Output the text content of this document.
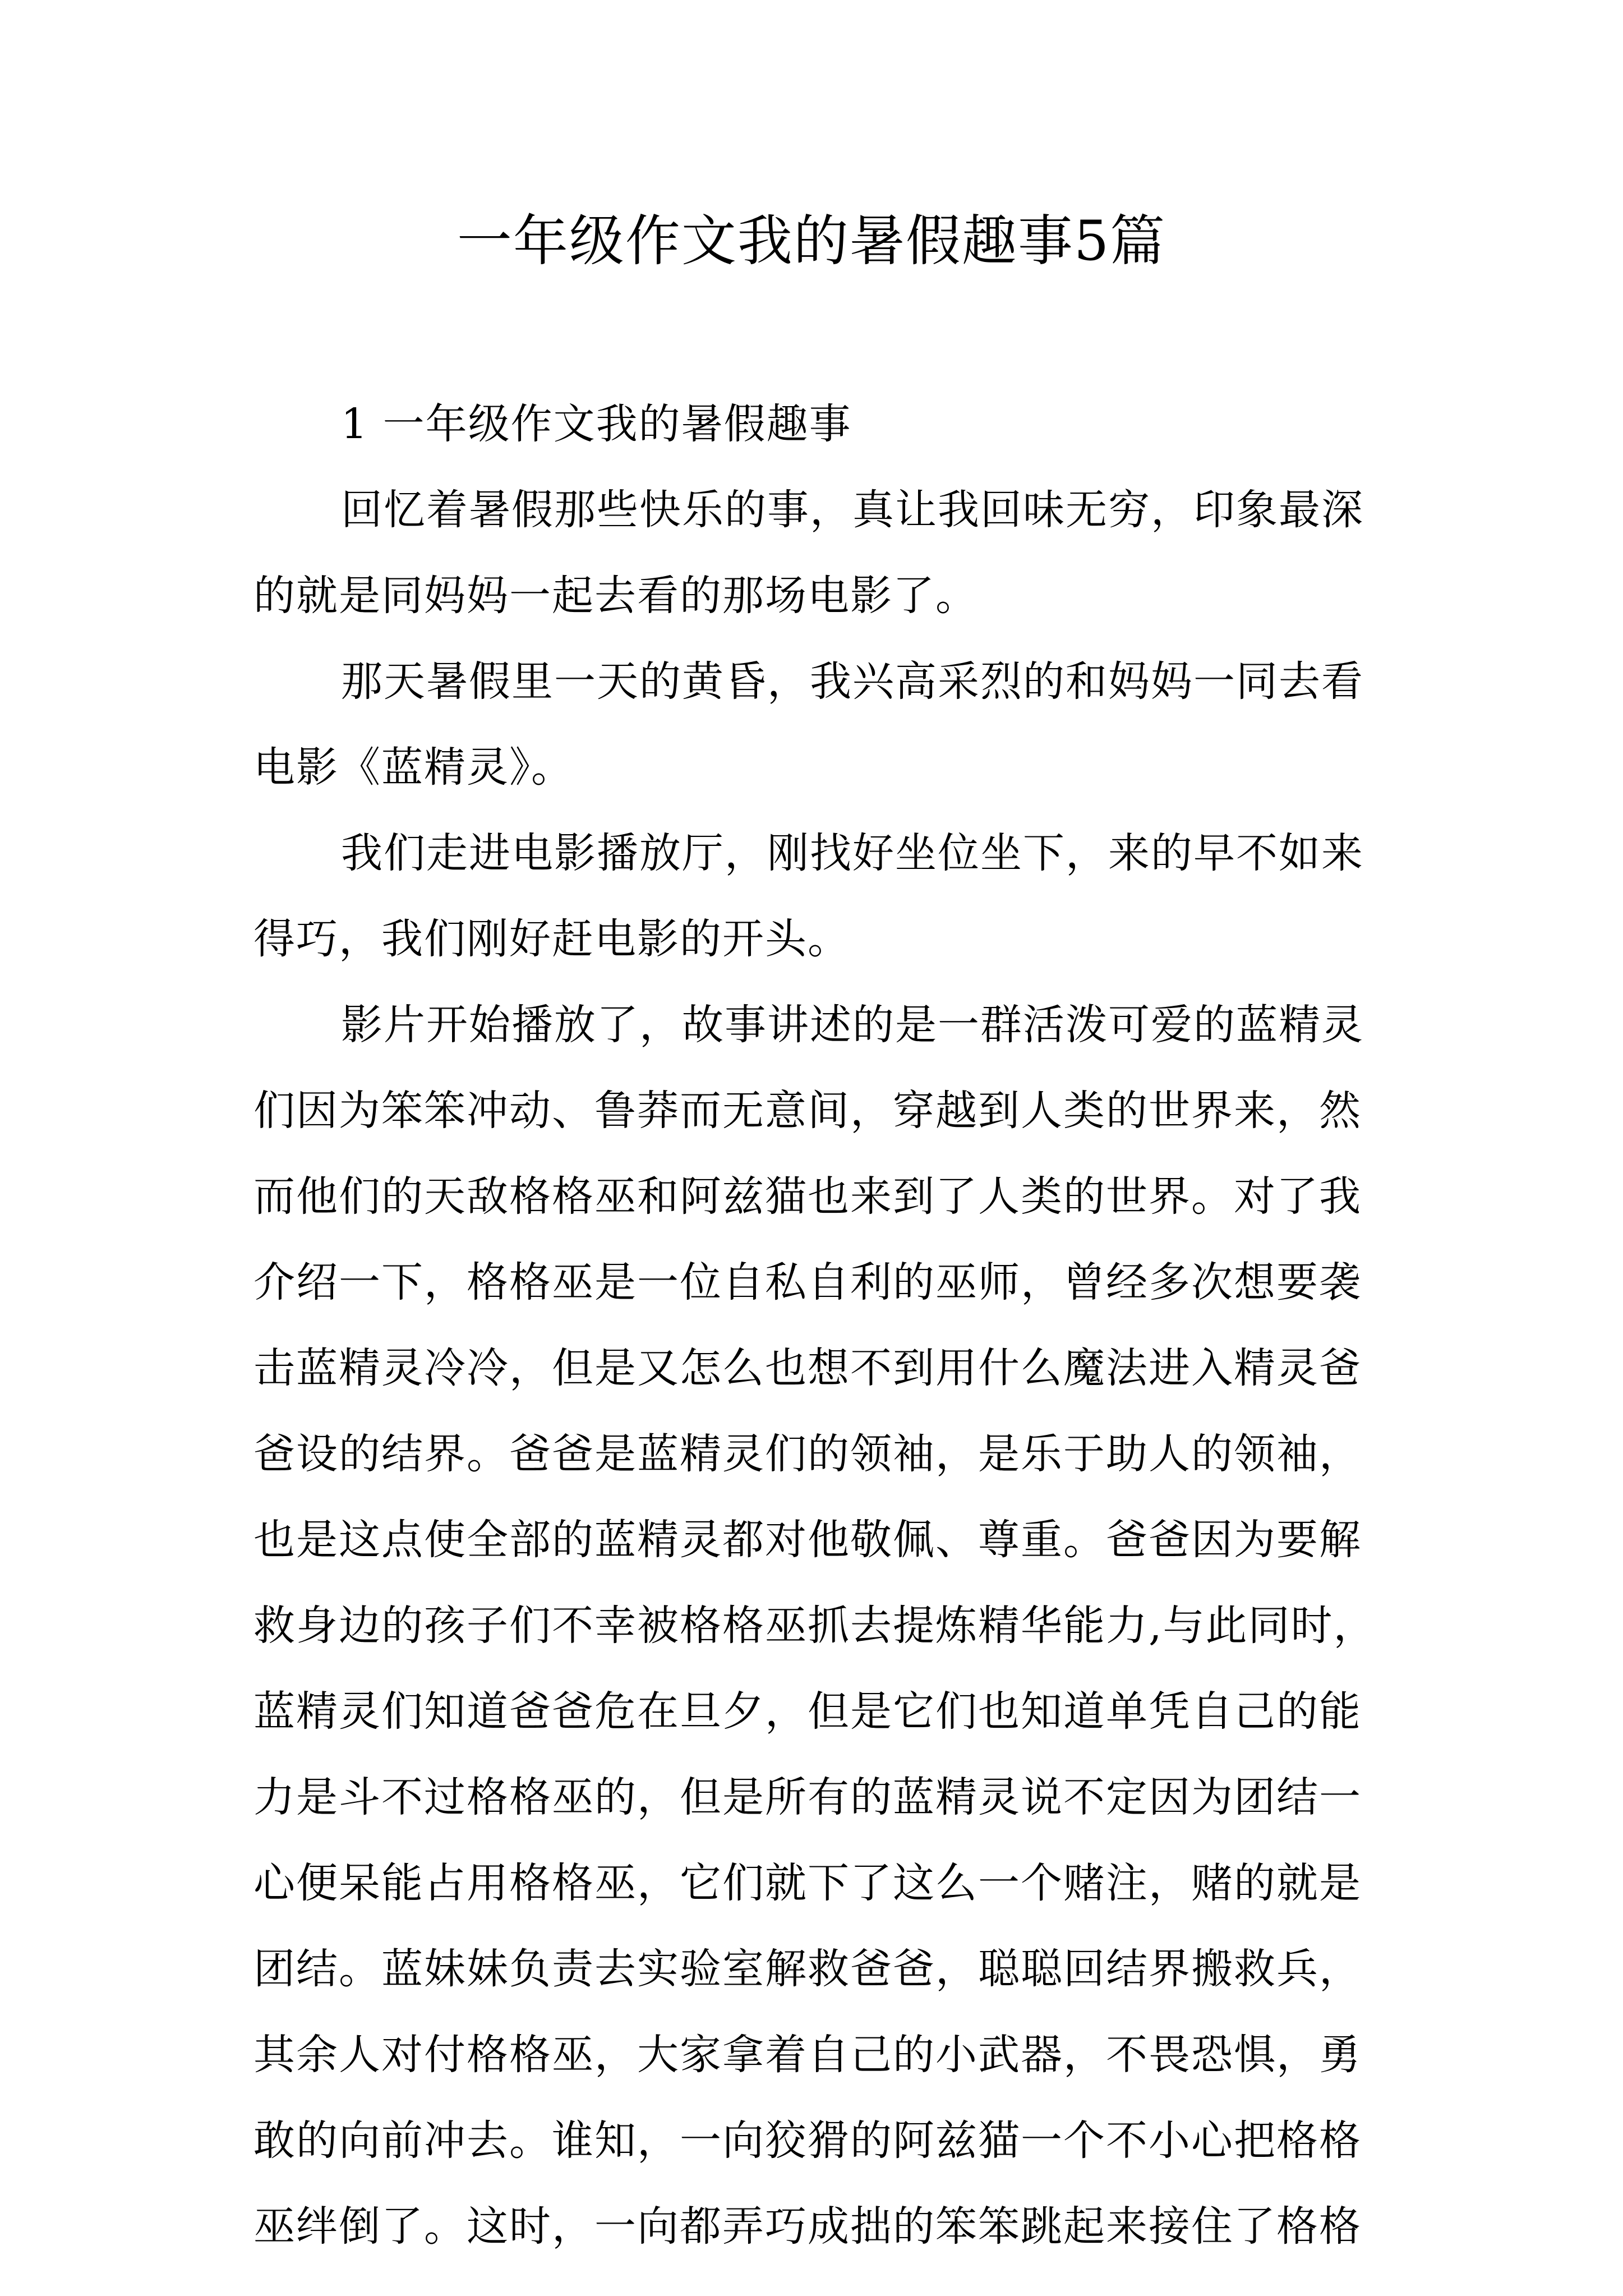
一年级作文我的暑假趣事5篇
1 一年级作文我的暑假趣事
回忆着暑假那些快乐的事，真让我回味无穷，印象最深
的就是同妈妈一起去看的那场电影了。
那天暑假里一天的黄昏，我兴高采烈的和妈妈一同去看
电影《蓝精灵》。
我们走进电影播放厅，刚找好坐位坐下，来的早不如来
得巧，我们刚好赶电影的开头。
影片开始播放了，故事讲述的是一群活泼可爱的蓝精灵
们因为笨笨冲动、鲁莽而无意间，穿越到人类的世界来，然
而他们的天敌格格巫和阿兹猫也来到了人类的世界。对了我
介绍一下，格格巫是一位自私自利的巫师，曾经多次想要袭
击蓝精灵冷冷，但是又怎么也想不到用什么魔法进入精灵爸
爸设的结界。爸爸是蓝精灵们的领袖，是乐于助人的领袖，
也是这点使全部的蓝精灵都对他敬佩、尊重。爸爸因为要解
救身边的孩子们不幸被格格巫抓去提炼精华能力,与此同时，
蓝精灵们知道爸爸危在旦夕，但是它们也知道单凭自己的能
力是斗不过格格巫的，但是所有的蓝精灵说不定因为团结一
心便呆能占用格格巫，它们就下了这么一个赌注，赌的就是
团结。蓝妹妹负责去实验室解救爸爸，聪聪回结界搬救兵，
其余人对付格格巫，大家拿着自己的小武器，不畏恐惧，勇
敢的向前冲去。谁知，一向狡猾的阿兹猫一个不小心把格格
巫绊倒了。这时，一向都弄巧成拙的笨笨跳起来接住了格格
